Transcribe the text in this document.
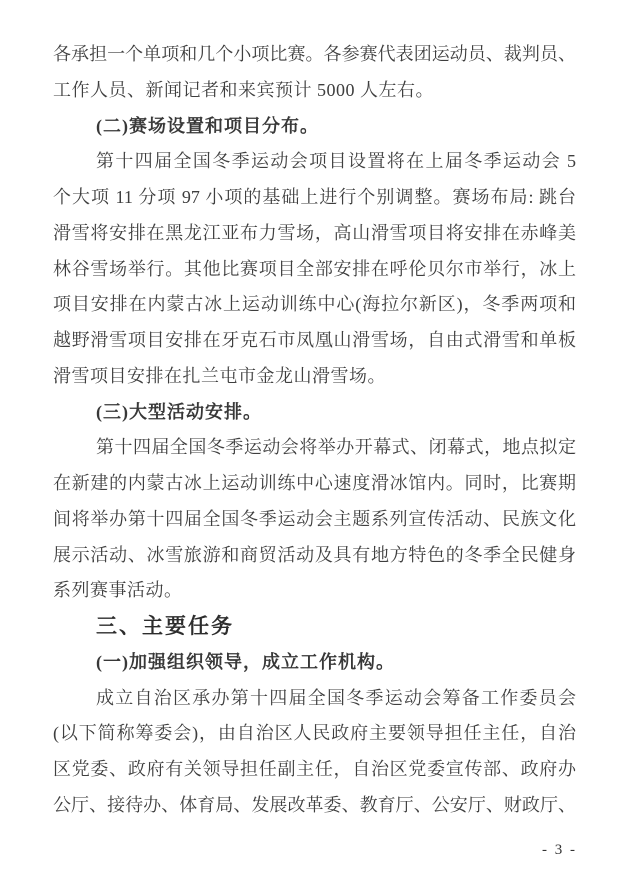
各承担一个单项和几个小项比赛。各参赛代表团运动员、裁判员、
工作人员、新闻记者和来宾预计 5000 人左右。
(二)赛场设置和项目分布。
第十四届全国冬季运动会项目设置将在上届冬季运动会 5
个大项 11 分项 97 小项的基础上进行个别调整。赛场布局: 跳台
滑雪将安排在黑龙江亚布力雪场，高山滑雪项目将安排在赤峰美
林谷雪场举行。其他比赛项目全部安排在呼伦贝尔市举行，冰上
项目安排在内蒙古冰上运动训练中心(海拉尔新区)，冬季两项和
越野滑雪项目安排在牙克石市凤凰山滑雪场，自由式滑雪和单板
滑雪项目安排在扎兰屯市金龙山滑雪场。
(三)大型活动安排。
第十四届全国冬季运动会将举办开幕式、闭幕式，地点拟定
在新建的内蒙古冰上运动训练中心速度滑冰馆内。同时，比赛期
间将举办第十四届全国冬季运动会主题系列宣传活动、民族文化
展示活动、冰雪旅游和商贸活动及具有地方特色的冬季全民健身
系列赛事活动。
三、主要任务
(一)加强组织领导，成立工作机构。
成立自治区承办第十四届全国冬季运动会筹备工作委员会
(以下简称筹委会)，由自治区人民政府主要领导担任主任，自治
区党委、政府有关领导担任副主任，自治区党委宣传部、政府办
公厅、接待办、体育局、发展改革委、教育厅、公安厅、财政厅、
- 3 -
